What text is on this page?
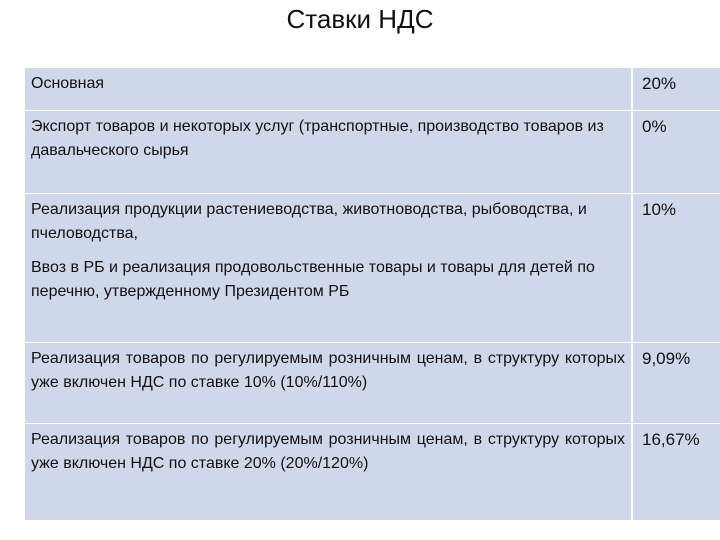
Ставки НДС
Основная	20%
Экспорт товаров и некоторых услуг (транспортные, производство товаров из давальческого сырья	0%

Реализация продукции растениеводства, животноводства, рыбоводства, и пчеловодства,
Ввоз в РБ и реализация продовольственные товары и товары для детей по перечню, утвержденному Президентом РБ	10%
Реализация товаров по регулируемым розничным ценам, в структуру которых уже включен НДС по ставке 10% (10%/110%)	9,09%
Реализация товаров по регулируемым розничным ценам, в структуру которых уже включен НДС по ставке 20% (20%/120%)	16,67%
